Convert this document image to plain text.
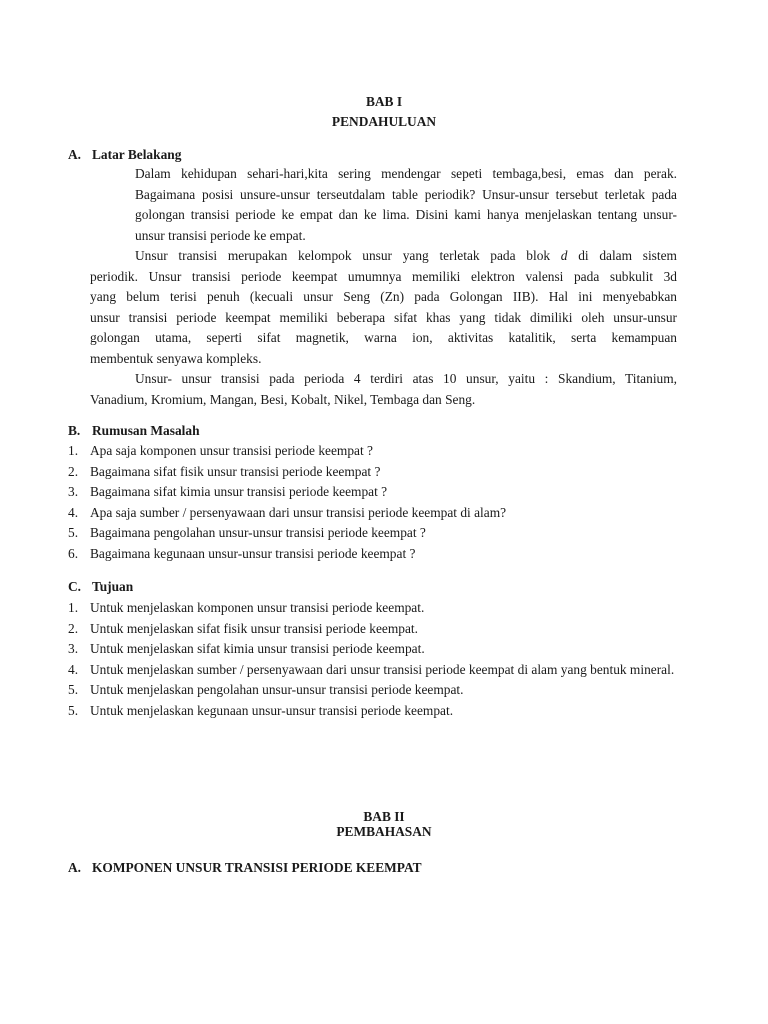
BAB I
PENDAHULUAN
A. Latar Belakang

Dalam kehidupan sehari-hari,kita sering mendengar sepeti tembaga,besi, emas dan perak.
Bagaimana posisi unsure-unsur terseutdalam table periodik? Unsur-unsur tersebut terletak pada
golongan transisi periode ke empat dan ke lima. Disini kami hanya menjelaskan tentang unsur-
unsur transisi periode ke empat.

Unsur transisi merupakan kelompok unsur yang terletak pada blok d di dalam sistem
periodik. Unsur transisi periode keempat umumnya memiliki elektron valensi pada subkulit 3d
yang belum terisi penuh (kecuali unsur Seng (Zn) pada Golongan IIB). Hal ini menyebabkan
unsur transisi periode keempat memiliki beberapa sifat khas yang tidak dimiliki oleh unsur-unsur
golongan utama, seperti sifat magnetik, warna ion, aktivitas katalitik, serta kemampuan
membentuk senyawa kompleks.

Unsur- unsur transisi pada perioda 4 terdiri atas 10 unsur, yaitu : Skandium, Titanium,
Vanadium, Kromium, Mangan, Besi, Kobalt, Nikel, Tembaga dan Seng.

B. Rumusan Masalah
1. Apa saja komponen unsur transisi periode keempat ?
2. Bagaimana sifat fisik unsur transisi periode keempat ?
3. Bagaimana sifat kimia unsur transisi periode keempat ?
4. Apa saja sumber / persenyawaan dari unsur transisi periode keempat di alam?
5. Bagaimana pengolahan unsur-unsur transisi periode keempat ?
6. Bagaimana kegunaan unsur-unsur transisi periode keempat ?
C. Tujuan
1. Untuk menjelaskan komponen unsur transisi periode keempat.
2. Untuk menjelaskan sifat fisik unsur transisi periode keempat.
3. Untuk menjelaskan sifat kimia unsur transisi periode keempat.
4. Untuk menjelaskan sumber / persenyawaan dari unsur transisi periode keempat di alam yang bentuk mineral.
5. Untuk menjelaskan pengolahan unsur-unsur transisi periode keempat.
5. Untuk menjelaskan kegunaan unsur-unsur transisi periode keempat.
BAB II
PEMBAHASAN
A. KOMPONEN UNSUR TRANSISI PERIODE KEEMPAT
